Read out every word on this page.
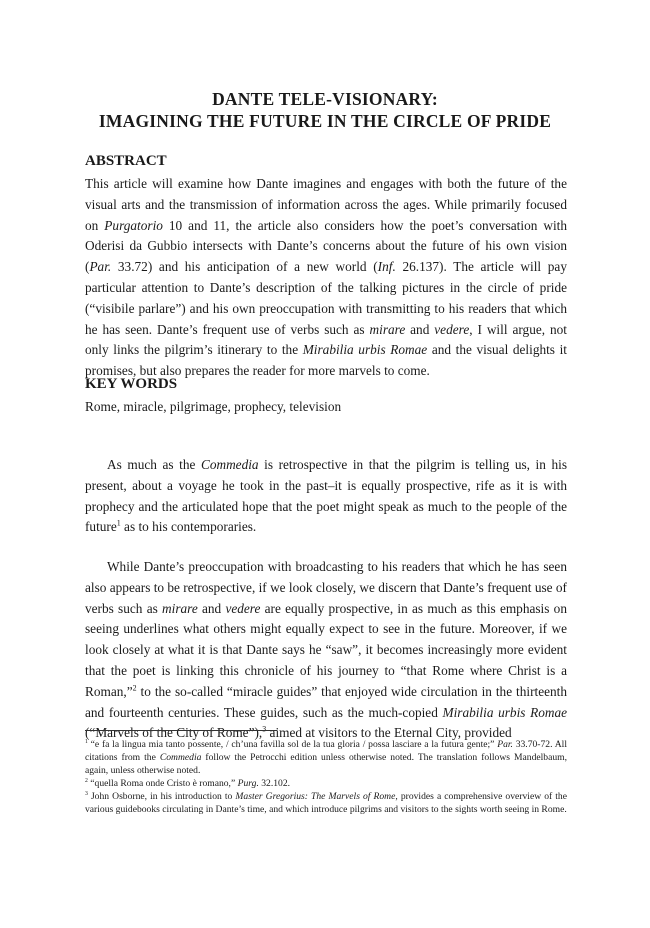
DANTE TELE-VISIONARY:
IMAGINING THE FUTURE IN THE CIRCLE OF PRIDE
ABSTRACT

This article will examine how Dante imagines and engages with both the future of the visual arts and the transmission of information across the ages. While primarily focused on Purgatorio 10 and 11, the article also considers how the poet’s conversation with Oderisi da Gubbio intersects with Dante’s concerns about the future of his own vision (Par. 33.72) and his anticipation of a new world (Inf. 26.137). The article will pay particular attention to Dante’s description of the talking pictures in the circle of pride (“visibile parlare”) and his own preoccupation with transmitting to his readers that which he has seen. Dante’s frequent use of verbs such as mirare and vedere, I will argue, not only links the pilgrim’s itinerary to the Mirabilia urbis Romae and the visual delights it promises, but also prepares the reader for more marvels to come.

KEY WORDS

Rome, miracle, pilgrimage, prophecy, television

As much as the Commedia is retrospective in that the pilgrim is telling us, in his present, about a voyage he took in the past–it is equally prospective, rife as it is with prophecy and the articulated hope that the poet might speak as much to the people of the future$^1$ as to his contemporaries.

While Dante’s preoccupation with broadcasting to his readers that which he has seen also appears to be retrospective, if we look closely, we discern that Dante’s frequent use of verbs such as mirare and vedere are equally prospective, in as much as this emphasis on seeing underlines what others might equally expect to see in the future. Moreover, if we look closely at what it is that Dante says he “saw”, it becomes increasingly more evident that the poet is linking this chronicle of his journey to “that Rome where Christ is a Roman,”$^2$ to the so-called “miracle guides” that enjoyed wide circulation in the thirteenth and fourteenth centuries. These guides, such as the much-copied Mirabilia urbis Romae (“Marvels of the City of Rome”),$^3$ aimed at visitors to the Eternal City, provided

$^1$ “e fa la lingua mia tanto possente, / ch’una favilla sol de la tua gloria / possa lasciare a la futura gente;” Par. 33.70-72. All citations from the Commedia follow the Petrocchi edition unless otherwise noted. The translation follows Mandelbaum, again, unless otherwise noted.

$^2$ “quella Roma onde Cristo è romano,” Purg. 32.102.

$^3$ John Osborne, in his introduction to Master Gregorius: The Marvels of Rome, provides a comprehensive overview of the various guidebooks circulating in Dante’s time, and which introduce pilgrims and visitors to the sights worth seeing in Rome.
